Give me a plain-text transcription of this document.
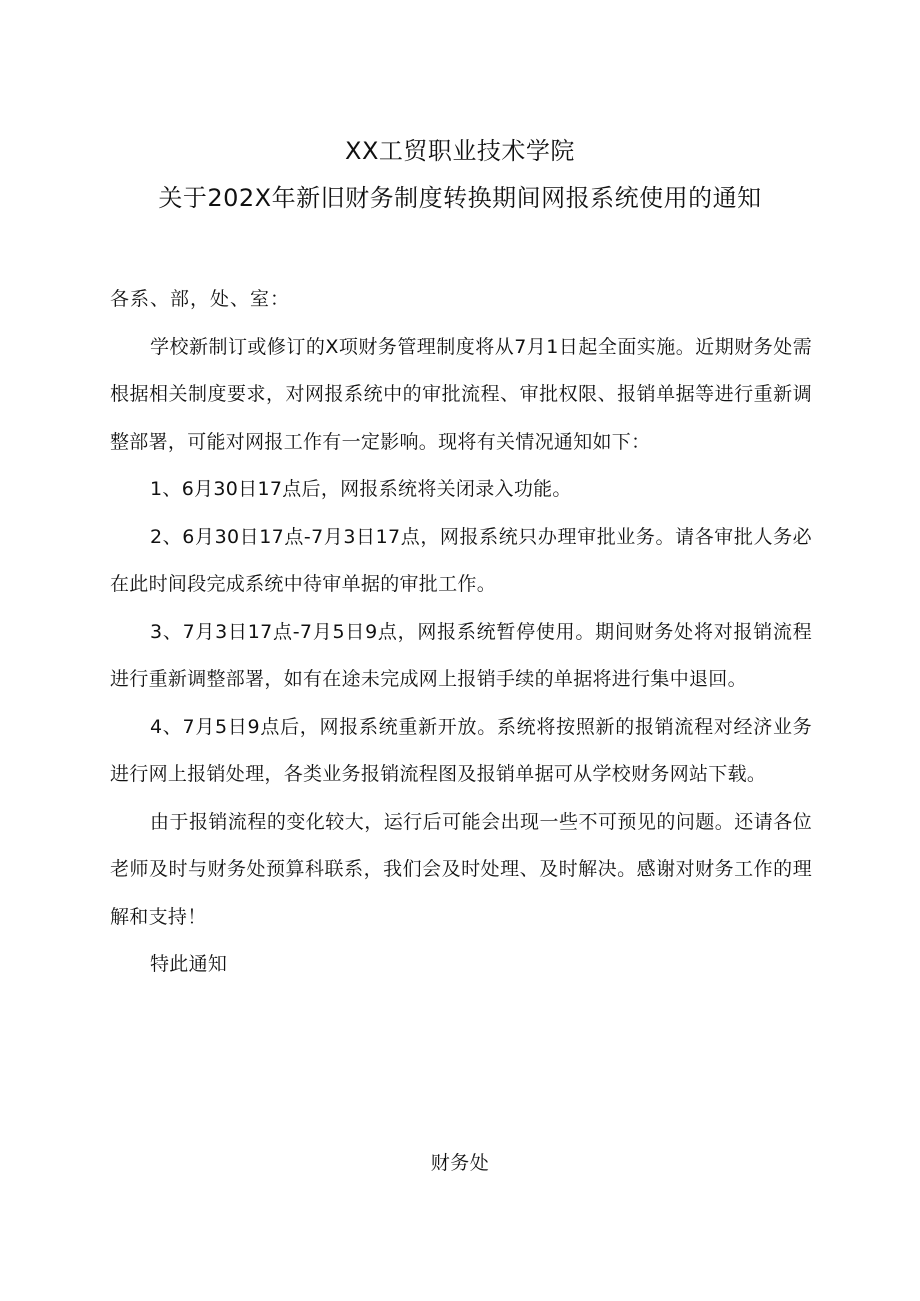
XX工贸职业技术学院
关于202X年新旧财务制度转换期间网报系统使用的通知

各系、部，处、室：

学校新制订或修订的X项财务管理制度将从7月1日起全面实施。近期财务处需根据相关制度要求，对网报系统中的审批流程、审批权限、报销单据等进行重新调整部署，可能对网报工作有一定影响。现将有关情况通知如下：

1、6月30日17点后，网报系统将关闭录入功能。

2、6月30日17点-7月3日17点，网报系统只办理审批业务。请各审批人务必在此时间段完成系统中待审单据的审批工作。

3、7月3日17点-7月5日9点，网报系统暂停使用。期间财务处将对报销流程进行重新调整部署，如有在途未完成网上报销手续的单据将进行集中退回。

4、7月5日9点后，网报系统重新开放。系统将按照新的报销流程对经济业务进行网上报销处理，各类业务报销流程图及报销单据可从学校财务网站下载。

由于报销流程的变化较大，运行后可能会出现一些不可预见的问题。还请各位老师及时与财务处预算科联系，我们会及时处理、及时解决。感谢对财务工作的理解和支持！

特此通知

财务处
